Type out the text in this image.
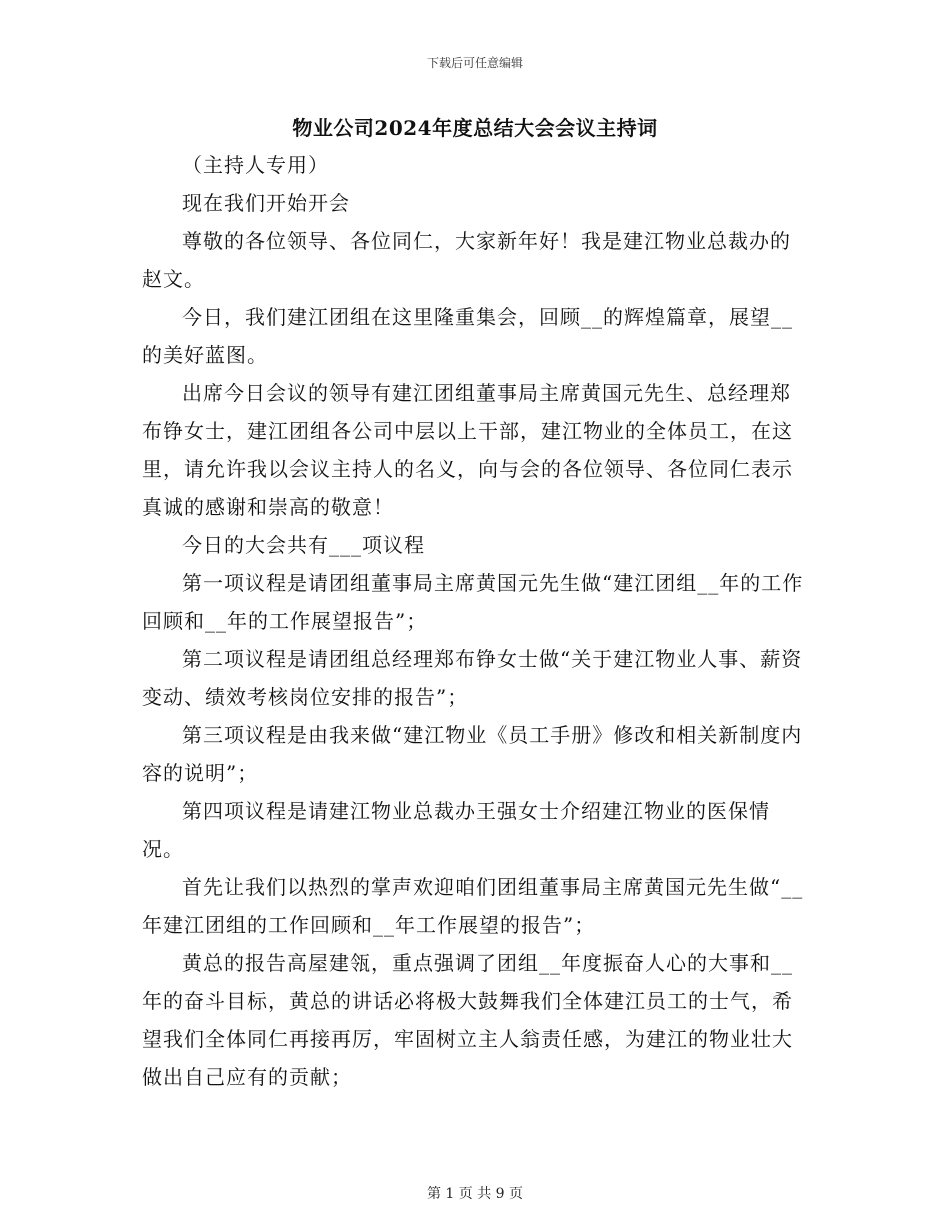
下载后可任意编辑
物业公司2024年度总结大会会议主持词

（主持人专用）

现在我们开始开会

尊敬的各位领导、各位同仁，大家新年好！我是建江物业总裁办的赵文。

今日，我们建江团组在这里隆重集会，回顾__的辉煌篇章，展望__的美好蓝图。

出席今日会议的领导有建江团组董事局主席黄国元先生、总经理郑布铮女士，建江团组各公司中层以上干部，建江物业的全体员工，在这里，请允许我以会议主持人的名义，向与会的各位领导、各位同仁表示真诚的感谢和崇高的敬意！

今日的大会共有___项议程

第一项议程是请团组董事局主席黄国元先生做“建江团组__年的工作回顾和__年的工作展望报告”；

第二项议程是请团组总经理郑布铮女士做“关于建江物业人事、薪资变动、绩效考核岗位安排的报告”；

第三项议程是由我来做“建江物业《员工手册》修改和相关新制度内容的说明”；

第四项议程是请建江物业总裁办王强女士介绍建江物业的医保情况。

首先让我们以热烈的掌声欢迎咱们团组董事局主席黄国元先生做“__年建江团组的工作回顾和__年工作展望的报告”；

黄总的报告高屋建瓴，重点强调了团组__年度振奋人心的大事和__年的奋斗目标，黄总的讲话必将极大鼓舞我们全体建江员工的士气，希望我们全体同仁再接再厉，牢固树立主人翁责任感，为建江的物业壮大做出自己应有的贡献；

第 1 页 共 9 页
